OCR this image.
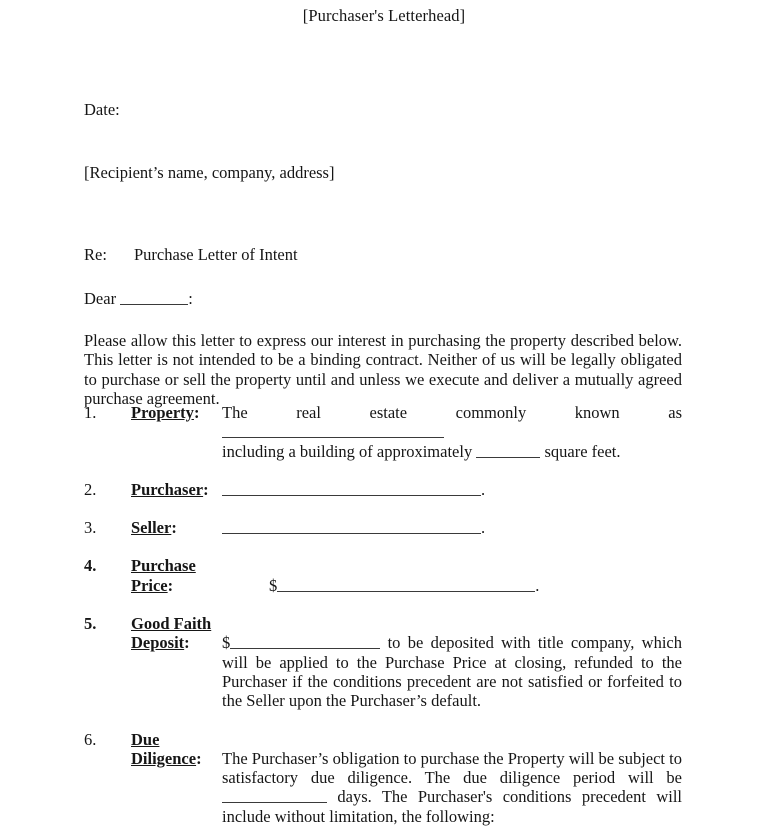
[Purchaser's Letterhead]

Date:

[Recipient’s name, company, address]

Re:	Purchase Letter of Intent

Dear	:

Please allow this letter to express our interest in purchasing the property described below. This letter is not intended to be a binding contract. Neither of us will be legally obligated to purchase or sell the property until and unless we execute and deliver a mutually agreed purchase agreement.

1.	Property:	The real estate commonly known as
including a building of approximately	square feet.
2.	Purchaser:	.
3.	Seller:	.
4.	Purchase
Price:	$	.
5.	Good Faith
Deposit:	$	to be deposited with title company, which will be applied to the Purchase Price at closing, refunded to the Purchaser if the conditions precedent are not satisfied or forfeited to the Seller upon the Purchaser’s default.
6.	Due
Diligence:	The Purchaser’s obligation to purchase the Property will be subject to satisfactory due diligence. The due diligence period will be  days. The Purchaser's conditions precedent will include without limitation, the following:
